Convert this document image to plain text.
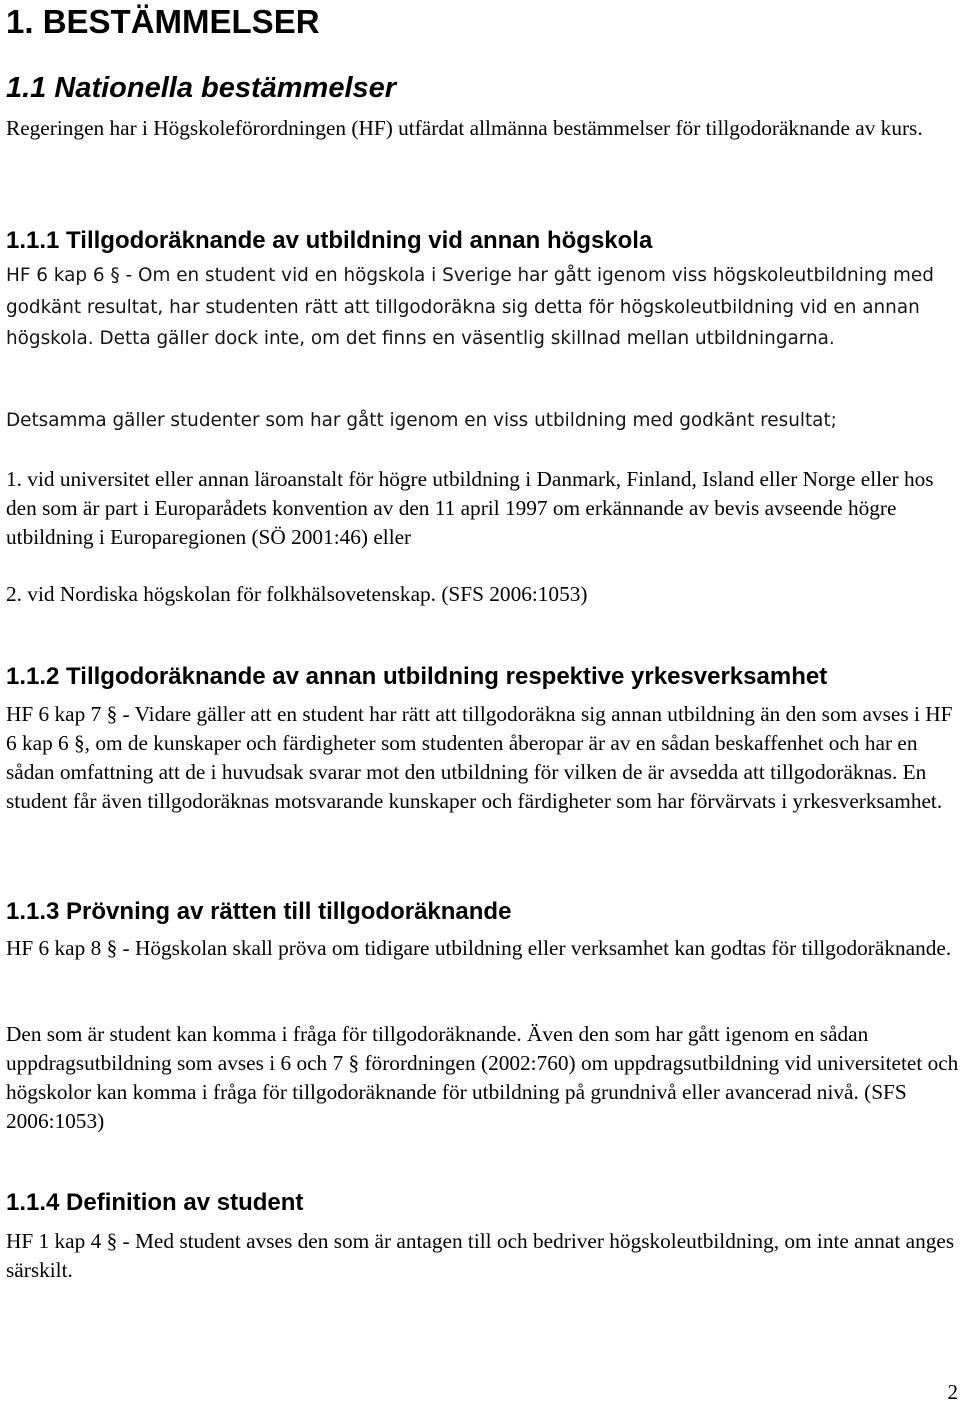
1. BESTÄMMELSER
1.1 Nationella bestämmelser

Regeringen har i Högskoleförordningen (HF) utfärdat allmänna bestämmelser för tillgodoräknande av kurs.

1.1.1 Tillgodoräknande av utbildning vid annan högskola

HF 6 kap 6 § - Om en student vid en högskola i Sverige har gått igenom viss högskoleutbildning med godkänt resultat, har studenten rätt att tillgodoräkna sig detta för högskoleutbildning vid en annan högskola. Detta gäller dock inte, om det finns en väsentlig skillnad mellan utbildningarna.

Detsamma gäller studenter som har gått igenom en viss utbildning med godkänt resultat;

1. vid universitet eller annan läroanstalt för högre utbildning i Danmark, Finland, Island eller Norge eller hos den som är part i Europarådets konvention av den 11 april 1997 om erkännande av bevis avseende högre utbildning i Europaregionen (SÖ 2001:46) eller

2. vid Nordiska högskolan för folkhälsovetenskap. (SFS 2006:1053)

1.1.2 Tillgodoräknande av annan utbildning respektive yrkesverksamhet

HF 6 kap 7 § - Vidare gäller att en student har rätt att tillgodoräkna sig annan utbildning än den som avses i HF 6 kap 6 §, om de kunskaper och färdigheter som studenten åberopar är av en sådan beskaffenhet och har en sådan omfattning att de i huvudsak svarar mot den utbildning för vilken de är avsedda att tillgodoräknas. En student får även tillgodoräknas motsvarande kunskaper och färdigheter som har förvärvats i yrkesverksamhet.

1.1.3 Prövning av rätten till tillgodoräknande

HF 6 kap 8 § - Högskolan skall pröva om tidigare utbildning eller verksamhet kan godtas för tillgodoräknande.

Den som är student kan komma i fråga för tillgodoräknande. Även den som har gått igenom en sådan uppdragsutbildning som avses i 6 och 7 § förordningen (2002:760) om uppdragsutbildning vid universitetet och högskolor kan komma i fråga för tillgodoräknande för utbildning på grundnivå eller avancerad nivå. (SFS 2006:1053)

1.1.4 Definition av student

HF 1 kap 4 § - Med student avses den som är antagen till och bedriver högskoleutbildning, om inte annat anges särskilt.

2
